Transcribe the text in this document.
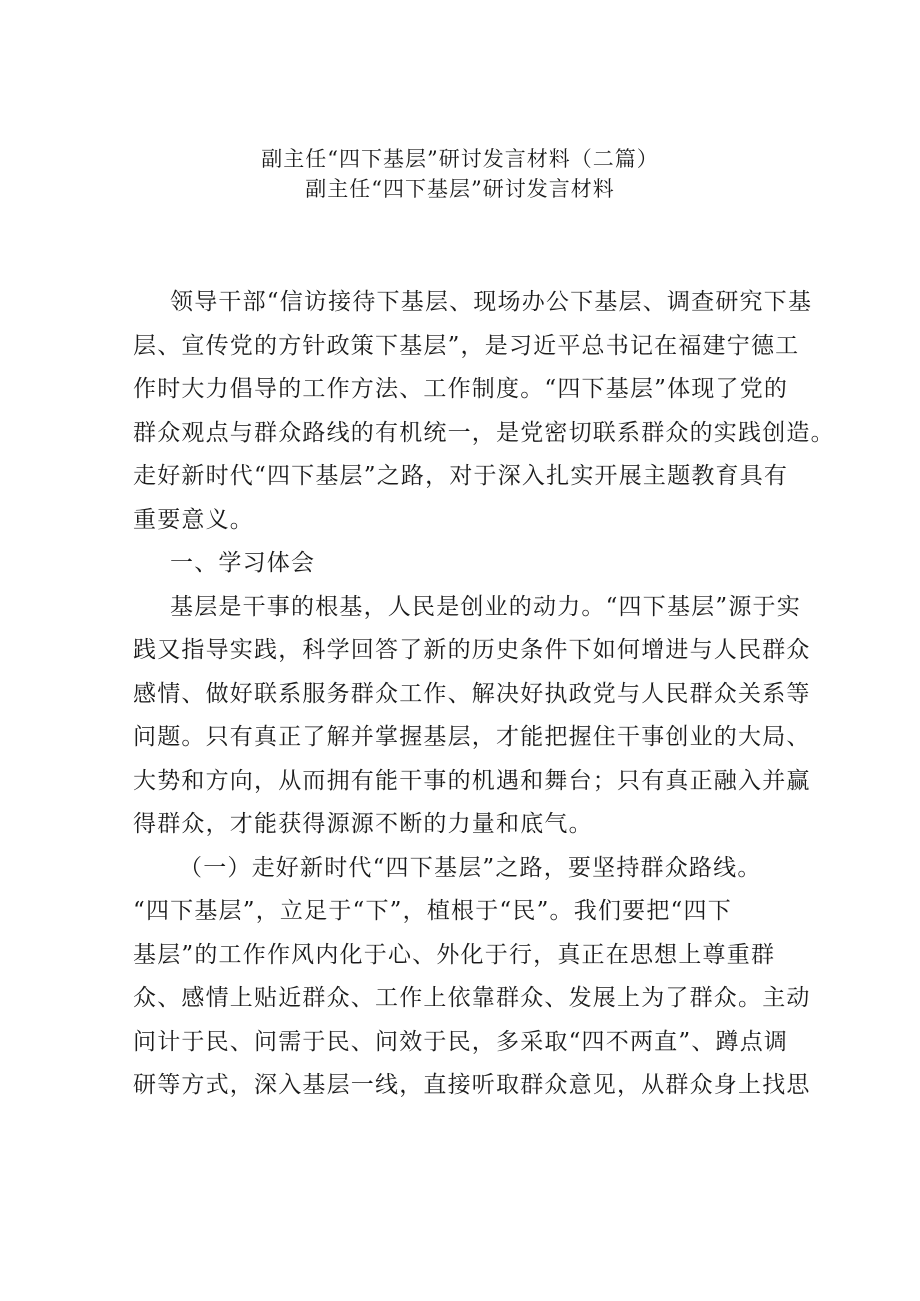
副主任“四下基层”研讨发言材料（二篇）
副主任“四下基层”研讨发言材料
领导干部“信访接待下基层、现场办公下基层、调查研究下基
层、宣传党的方针政策下基层”，是习近平总书记在福建宁德工
作时大力倡导的工作方法、工作制度。“四下基层”体现了党的
群众观点与群众路线的有机统一，是党密切联系群众的实践创造。
走好新时代“四下基层”之路，对于深入扎实开展主题教育具有
重要意义。
一、学习体会
基层是干事的根基，人民是创业的动力。“四下基层”源于实
践又指导实践，科学回答了新的历史条件下如何增进与人民群众
感情、做好联系服务群众工作、解决好执政党与人民群众关系等
问题。只有真正了解并掌握基层，才能把握住干事创业的大局、
大势和方向，从而拥有能干事的机遇和舞台；只有真正融入并赢
得群众，才能获得源源不断的力量和底气。
（一）走好新时代“四下基层”之路，要坚持群众路线。
“四下基层”，立足于“下”，植根于“民”。我们要把“四下
基层”的工作作风内化于心、外化于行，真正在思想上尊重群
众、感情上贴近群众、工作上依靠群众、发展上为了群众。主动
问计于民、问需于民、问效于民，多采取“四不两直”、蹲点调
研等方式，深入基层一线，直接听取群众意见，从群众身上找思
